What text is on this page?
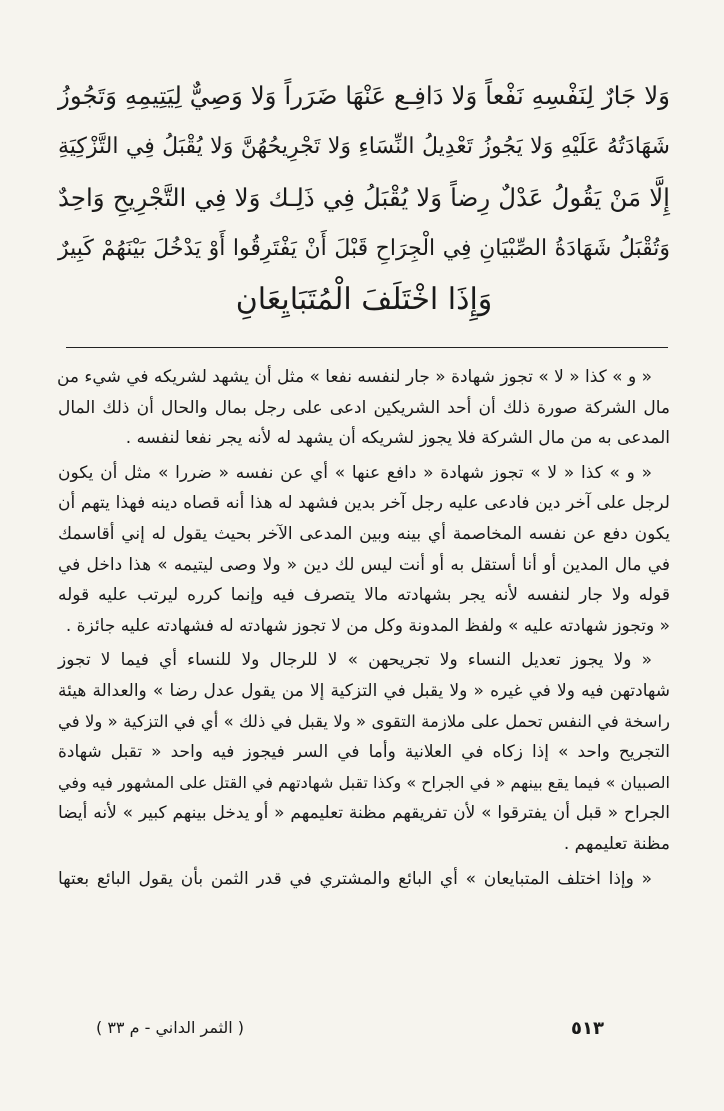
وَلا جَارٌ لِنَفْسِهِ نَفْعاً وَلا دَافِـع عَنْهَا ضَرَراً وَلا وَصِيٌّ لِيَتِيمِهِ وَتَجُوزُ
شَهَادَتُهُ عَلَيْهِ وَلا يَجُوزُ تَعْدِيلُ النِّسَاءِ وَلا تَجْرِيحُهُنَّ وَلا يُقْبَلُ فِي التَّزْكِيَةِ
إِلَّا مَنْ يَقُولُ عَدْلٌ رِضاً وَلا يُقْبَلُ فِي ذَلِـك وَلا فِي التَّجْرِيحِ وَاحِدٌ
وَتُقْبَلُ شَهَادَةُ الصِّبْيَانِ فِي الْجِرَاحِ قَبْلَ أَنْ يَفْتَرِقُوا أَوْ يَدْخُلَ بَيْنَهُمْ كَبِيرٌ
وَإِذَا اخْتَلَفَ الْمُتَبَايِعَانِ
« و » كذا « لا » تجوز شهادة « جار لنفسه نفعا » مثل أن يشهد لشريكه في شيء من
مال الشركة صورة ذلك أن أحد الشريكين ادعى على رجل بمال والحال أن ذلك المال
المدعى به من مال الشركة فلا يجوز لشريكه أن يشهد له لأنه يجر نفعا لنفسه .
« و » كذا « لا » تجوز شهادة « دافع عنها » أي عن نفسه « ضررا » مثل أن يكون
لرجل على آخر دين فادعى عليه رجل آخر بدين فشهد له هذا أنه قصاه دينه فهذا يتهم أن
يكون دفع عن نفسه المخاصمة أي بينه وبين المدعى الآخر بحيث يقول له إني أقاسمك
في مال المدين أو أنا أستقل به أو أنت ليس لك دين « ولا وصى ليتيمه » هذا داخل في
قوله ولا جار لنفسه لأنه يجر بشهادته مالا يتصرف فيه وإنما كرره ليرتب عليه قوله
« وتجوز شهادته عليه » ولفظ المدونة وكل من لا تجوز شهادته له فشهادته عليه جائزة .
« ولا يجوز تعديل النساء ولا تجريحهن » لا للرجال ولا للنساء أي فيما لا تجوز
شهادتهن فيه ولا في غيره « ولا يقبل في التزكية إلا من يقول عدل رضا » والعدالة هيئة
راسخة في النفس تحمل على ملازمة التقوى « ولا يقبل في ذلك » أي في التزكية « ولا في
التجريح واحد » إذا زكاه في العلانية وأما في السر فيجوز فيه واحد « تقبل شهادة
الصبيان » فيما يقع بينهم « في الجراح » وكذا تقبل شهادتهم في القتل على المشهور فيه وفي
الجراح « قبل أن يفترقوا » لأن تفريقهم مظنة تعليمهم « أو يدخل بينهم كبير » لأنه أيضا
مظنة تعليمهم .
« وإذا اختلف المتبايعان » أي البائع والمشتري في قدر الثمن بأن يقول البائع بعتها
٥١٣
( الثمر الداني - م ٣٣ )
